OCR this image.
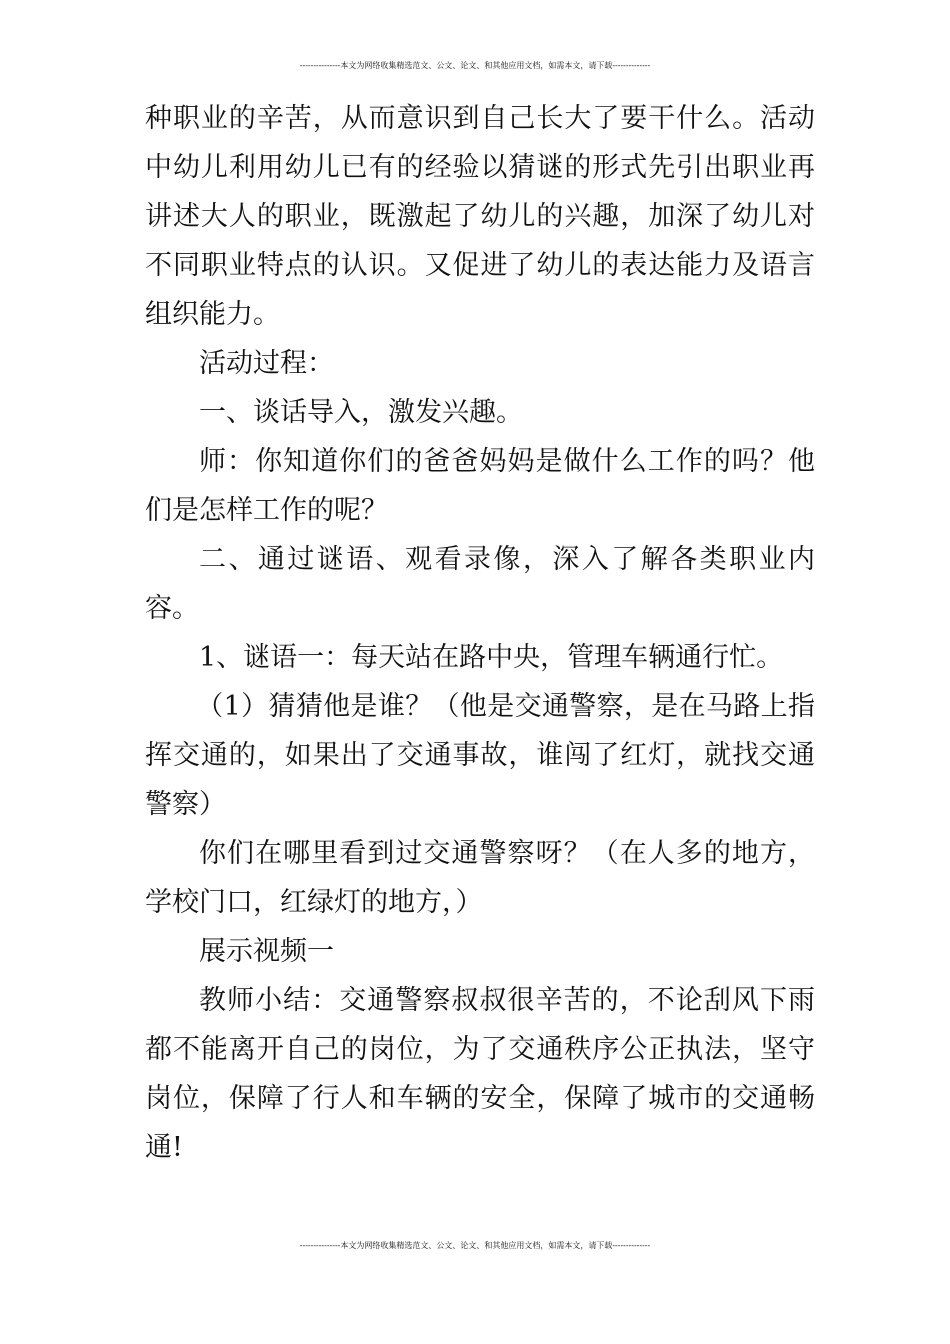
---------------本文为网络收集精选范文、公文、论文、和其他应用文档，如需本文，请下载--------------

种职业的辛苦，从而意识到自己长大了要干什么。活动中幼儿利用幼儿已有的经验以猜谜的形式先引出职业再讲述大人的职业，既激起了幼儿的兴趣，加深了幼儿对不同职业特点的认识。又促进了幼儿的表达能力及语言组织能力。

活动过程：

一、谈话导入，激发兴趣。

师：你知道你们的爸爸妈妈是做什么工作的吗？他们是怎样工作的呢？

二、通过谜语、观看录像，深入了解各类职业内容。

1、谜语一：每天站在路中央，管理车辆通行忙。

（1）猜猜他是谁？（他是交通警察，是在马路上指挥交通的，如果出了交通事故，谁闯了红灯，就找交通警察）

你们在哪里看到过交通警察呀？（在人多的地方，学校门口，红绿灯的地方，）

展示视频一

教师小结：交通警察叔叔很辛苦的，不论刮风下雨都不能离开自己的岗位，为了交通秩序公正执法，坚守岗位，保障了行人和车辆的安全，保障了城市的交通畅通!

---------------本文为网络收集精选范文、公文、论文、和其他应用文档，如需本文，请下载--------------
